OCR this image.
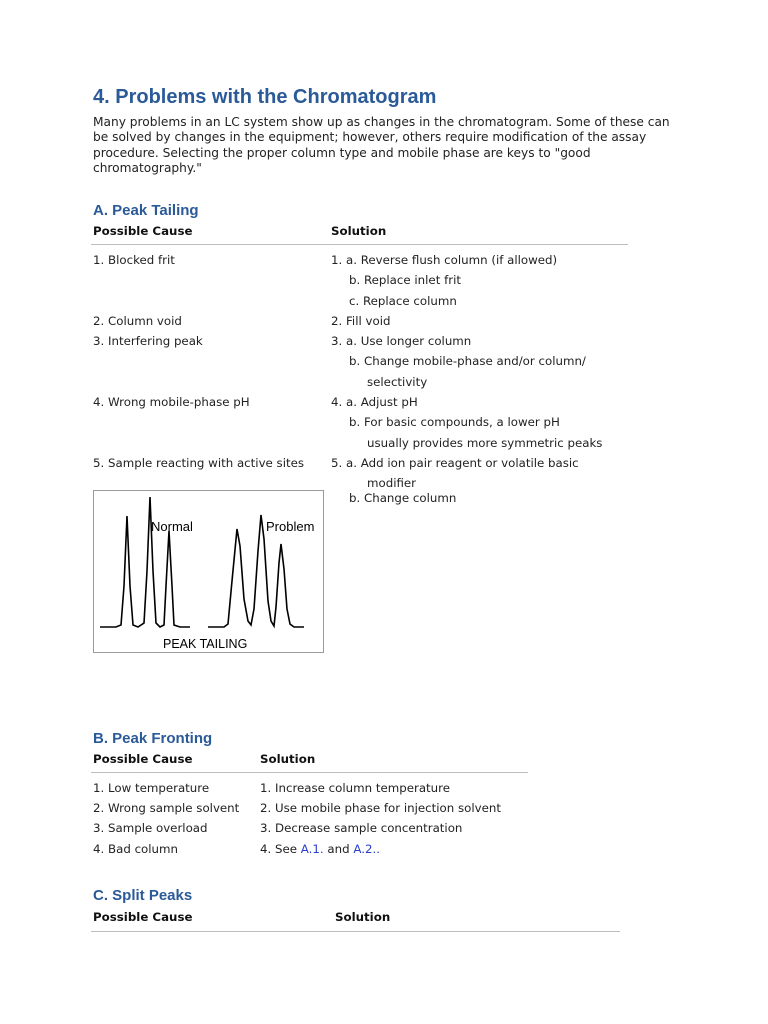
4. Problems with the Chromatogram
Many problems in an LC system show up as changes in the chromatogram. Some of these can be solved by changes in the equipment; however, others require modification of the assay procedure. Selecting the proper column type and mobile phase are keys to "good chromatography."
A. Peak Tailing
Possible Cause	Solution
1. Blocked frit	1. a. Reverse flush column (if allowed)
b. Replace inlet frit
c. Replace column
2. Column void	2. Fill void
3. Interfering peak	3. a. Use longer column
b. Change mobile-phase and/or column/
selectivity
4. Wrong mobile-phase pH	4. a. Adjust pH
b. For basic compounds, a lower pH
usually provides more symmetric peaks
5. Sample reacting with active sites 5. a. Add ion pair reagent or volatile basic
modifier
b. Change column
Normal	Problem
PEAK TAILING
B. Peak Fronting
Possible Cause	Solution
1. Low temperature	1. Increase column temperature
2. Wrong sample solvent 2. Use mobile phase for injection solvent
3. Sample overload	3. Decrease sample concentration
4. Bad column	4. See A.1. and A.2..
C. Split Peaks
Possible Cause	Solution
